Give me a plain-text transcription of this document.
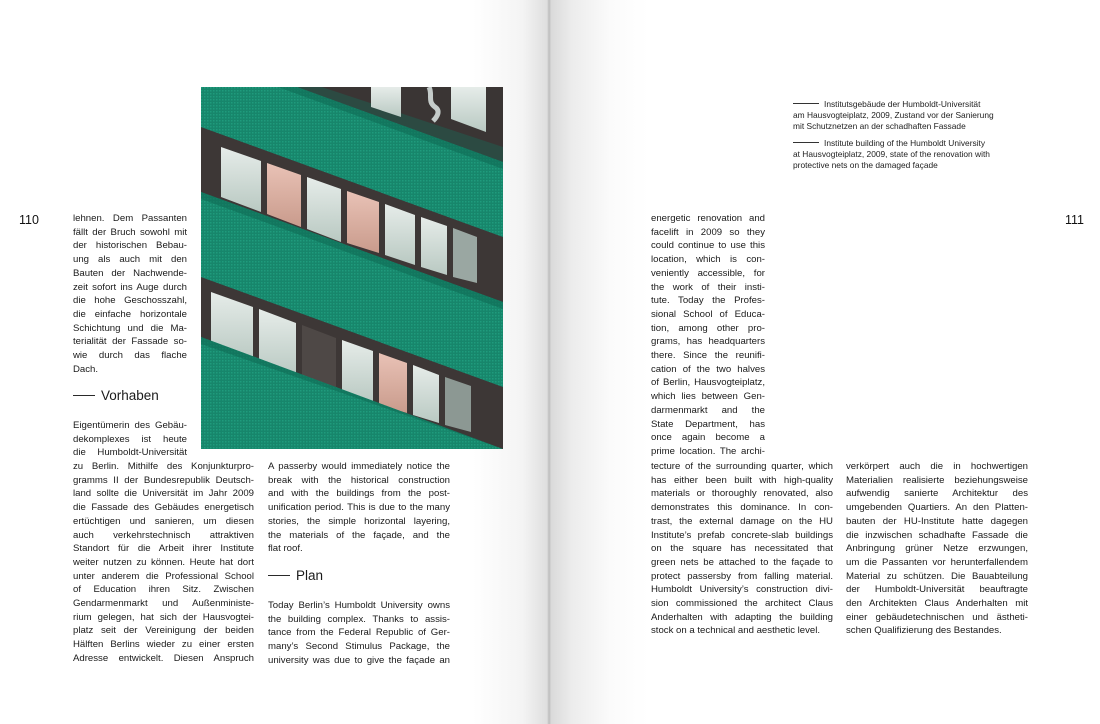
110	111
lehnen. Dem Passanten
fällt der Bruch sowohl mit
der historischen Bebau-
ung als auch mit den
Bauten der Nachwende-
zeit sofort ins Auge durch
die hohe Geschosszahl,
die einfache horizontale
Schichtung und die Ma-
terialität der Fassade so-
wie durch das flache
Dach.
Vorhaben
Eigentümerin des Gebäu-
dekomplexes ist heute
die Humboldt-Universität
zu Berlin. Mithilfe des Konjunkturpro-
gramms II der Bundesrepublik Deutsch-
land sollte die Universität im Jahr 2009
die Fassade des Gebäudes energetisch
ertüchtigen und sanieren, um diesen
auch verkehrstechnisch attraktiven
Standort für die Arbeit ihrer Institute
weiter nutzen zu können. Heute hat dort
unter anderem die Professional School
of Education ihren Sitz. Zwischen
Gendarmenmarkt und Außenministe-
rium gelegen, hat sich der Hausvogtei-
platz seit der Vereinigung der beiden
Hälften Berlins wieder zu einer ersten
Adresse entwickelt. Diesen Anspruch
A passerby would immediately notice the
break with the historical construction
and with the buildings from the post-
unification period. This is due to the many
stories, the simple horizontal layering,
the materials of the façade, and the
flat roof.
Plan
Today Berlin’s Humboldt University owns
the building complex. Thanks to assis-
tance from the Federal Republic of Ger-
many’s Second Stimulus Package, the
university was due to give the façade an
Institutsgebäude der Humboldt-Universität
am Hausvogteiplatz, 2009, Zustand vor der Sanierung
mit Schutznetzen an der schadhaften Fassade
Institute building of the Humboldt University
at Hausvogteiplatz, 2009, state of the renovation with
protective nets on the damaged façade
energetic renovation and
facelift in 2009 so they
could continue to use this
location, which is con-
veniently accessible, for
the work of their insti-
tute. Today the Profes-
sional School of Educa-
tion, among other pro-
grams, has headquarters
there. Since the reunifi-
cation of the two halves
of Berlin, Hausvogteiplatz,
which lies between Gen-
darmenmarkt and the
State Department, has
once again become a
prime location. The archi-
tecture of the surrounding quarter, which
has either been built with high-quality
materials or thoroughly renovated, also
demonstrates this dominance. In con-
trast, the external damage on the HU
Institute’s prefab concrete-slab buildings
on the square has necessitated that
green nets be attached to the façade to
protect passersby from falling material.
Humboldt University’s construction divi-
sion commissioned the architect Claus
Anderhalten with adapting the building
stock on a technical and aesthetic level.
verkörpert auch die in hochwertigen
Materialien realisierte beziehungsweise
aufwendig sanierte Architektur des
umgebenden Quartiers. An den Platten-
bauten der HU-Institute hatte dagegen
die inzwischen schadhafte Fassade die
Anbringung grüner Netze erzwungen,
um die Passanten vor herunterfallendem
Material zu schützen. Die Bauabteilung
der Humboldt-Universität beauftragte
den Architekten Claus Anderhalten mit
einer gebäudetechnischen und ästheti-
schen Qualifizierung des Bestandes.
